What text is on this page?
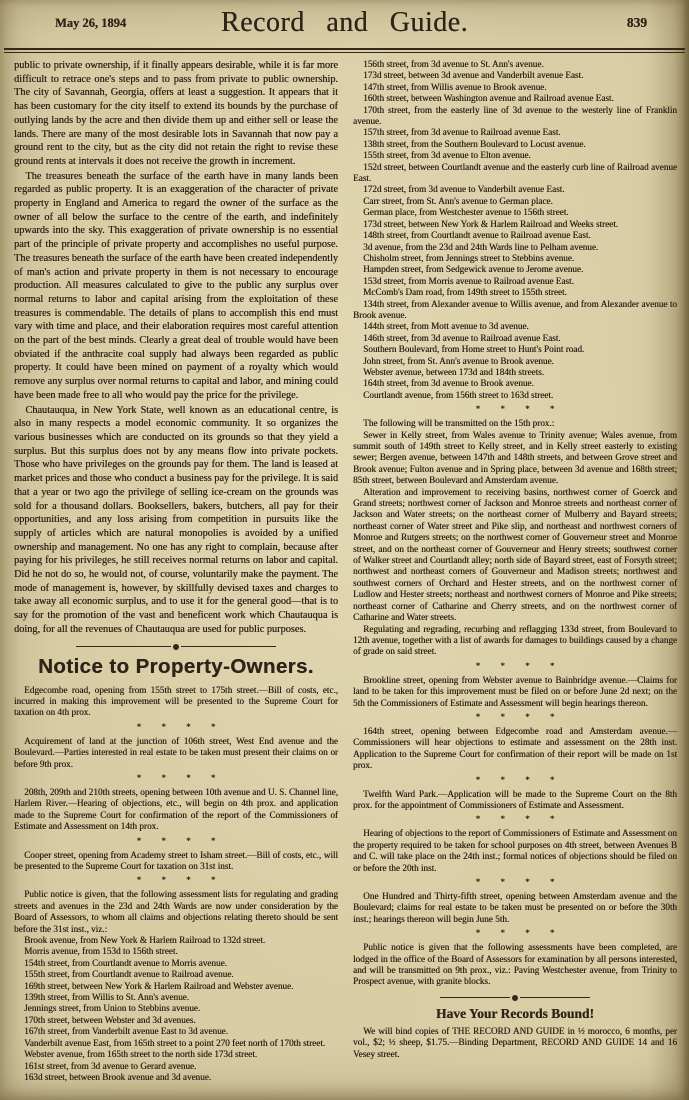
May 26, 1894	Record and Guide.	839

public to private ownership, if it finally appears desirable, while it is far more difficult to retrace one's steps and to pass from private to public ownership. The city of Savannah, Georgia, offers at least a suggestion. It appears that it has been customary for the city itself to extend its bounds by the purchase of outlying lands by the acre and then divide them up and either sell or lease the lands. There are many of the most desirable lots in Savannah that now pay a ground rent to the city, but as the city did not retain the right to revise these ground rents at intervals it does not receive the growth in increment.

The treasures beneath the surface of the earth have in many lands been regarded as public property. It is an exaggeration of the character of private property in England and America to regard the owner of the surface as the owner of all below the surface to the centre of the earth, and indefinitely upwards into the sky. This exaggeration of private ownership is no essential part of the principle of private property and accomplishes no useful purpose. The treasures beneath the surface of the earth have been created independently of man's action and private property in them is not necessary to encourage production. All measures calculated to give to the public any surplus over normal returns to labor and capital arising from the exploitation of these treasures is commendable. The details of plans to accomplish this end must vary with time and place, and their elaboration requires most careful attention on the part of the best minds. Clearly a great deal of trouble would have been obviated if the anthracite coal supply had always been regarded as public property. It could have been mined on payment of a royalty which would remove any surplus over normal returns to capital and labor, and mining could have been made free to all who would pay the price for the privilege.

Chautauqua, in New York State, well known as an educational centre, is also in many respects a model economic community. It so organizes the various businesses which are conducted on its grounds so that they yield a surplus. But this surplus does not by any means flow into private pockets. Those who have privileges on the grounds pay for them. The land is leased at market prices and those who conduct a business pay for the privilege. It is said that a year or two ago the privilege of selling ice-cream on the grounds was sold for a thousand dollars. Booksellers, bakers, butchers, all pay for their opportunities, and any loss arising from competition in pursuits like the supply of articles which are natural monopolies is avoided by a unified ownership and management. No one has any right to complain, because after paying for his privileges, he still receives normal returns on labor and capital. Did he not do so, he would not, of course, voluntarily make the payment. The mode of management is, however, by skillfully devised taxes and charges to take away all economic surplus, and to use it for the general good—that is to say for the promotion of the vast and beneficent work which Chautauqua is doing, for all the revenues of Chautauqua are used for public purposes.

Notice to Property-Owners.

Edgecombe road, opening from 155th street to 175th street.—Bill of costs, etc., incurred in making this improvement will be presented to the Supreme Court for taxation on 4th prox.

* * * *

Acquirement of land at the junction of 106th street, West End avenue and the Boulevard.—Parties interested in real estate to be taken must present their claims on or before 9th prox.

* * * *

208th, 209th and 210th streets, opening between 10th avenue and U. S. Channel line, Harlem River.—Hearing of objections, etc., will begin on 4th prox. and application made to the Supreme Court for confirmation of the report of the Commissioners of Estimate and Assessment on 14th prox.

* * * *

Cooper street, opening from Academy street to Isham street.—Bill of costs, etc., will be presented to the Supreme Court for taxation on 31st inst.

* * * *

Public notice is given, that the following assessment lists for regulating and grading streets and avenues in the 23d and 24th Wards are now under consideration by the Board of Assessors, to whom all claims and objections relating thereto should be sent before the 31st inst., viz.:

Brook avenue, from New York & Harlem Railroad to 132d street.

Morris avenue, from 153d to 156th street.

154th street, from Courtlandt avenue to Morris avenue.

155th street, from Courtlandt avenue to Railroad avenue.

169th street, between New York & Harlem Railroad and Webster avenue.

139th street, from Willis to St. Ann's avenue.

Jennings street, from Union to Stebbins avenue.

170th street, between Webster and 3d avenues.

167th street, from Vanderbilt avenue East to 3d avenue.

Vanderbilt avenue East, from 165th street to a point 270 feet north of 170th street.

Webster avenue, from 165th street to the north side 173d street.

161st street, from 3d avenue to Gerard avenue.

163d street, between Brook avenue and 3d avenue.

156th street, from 3d avenue to St. Ann's avenue.

173d street, between 3d avenue and Vanderbilt avenue East.

147th street, from Willis avenue to Brook avenue.

160th street, between Washington avenue and Railroad avenue East.

170th street, from the easterly line of 3d avenue to the westerly line of Franklin avenue.

157th street, from 3d avenue to Railroad avenue East.

138th street, from the Southern Boulevard to Locust avenue.

155th street, from 3d avenue to Elton avenue.

152d street, between Courtlandt avenue and the easterly curb line of Railroad avenue East.

172d street, from 3d avenue to Vanderbilt avenue East.

Carr street, from St. Ann's avenue to German place.

German place, from Westchester avenue to 156th street.

173d street, between New York & Harlem Railroad and Weeks street.

148th street, from Courtlandt avenue to Railroad avenue East.

3d avenue, from the 23d and 24th Wards line to Pelham avenue.

Chisholm street, from Jennings street to Stebbins avenue.

Hampden street, from Sedgewick avenue to Jerome avenue.

153d street, from Morris avenue to Railroad avenue East.

McComb's Dam road, from 149th street to 155th street.

134th street, from Alexander avenue to Willis avenue, and from Alexander avenue to Brook avenue.

144th street, from Mott avenue to 3d avenue.

146th street, from 3d avenue to Railroad avenue East.

Southern Boulevard, from Home street to Hunt's Point road.

John street, from St. Ann's avenue to Brook avenue.

Webster avenue, between 173d and 184th streets.

164th street, from 3d avenue to Brook avenue.

Courtlandt avenue, from 156th street to 163d street.

* * * *

The following will be transmitted on the 15th prox.:

Sewer in Kelly street, from Wales avenue to Trinity avenue; Wales avenue, from summit south of 149th street to Kelly street, and in Kelly street easterly to existing sewer; Bergen avenue, between 147th and 148th streets, and between Grove street and Brook avenue; Fulton avenue and in Spring place, between 3d avenue and 168th street; 85th street, between Boulevard and Amsterdam avenue.

Alteration and improvement to receiving basins, northwest corner of Goerck and Grand streets; northwest corner of Jackson and Monroe streets and northeast corner of Jackson and Water streets; on the northeast corner of Mulberry and Bayard streets; northeast corner of Water street and Pike slip, and northeast and northwest corners of Monroe and Rutgers streets; on the northwest corner of Gouverneur street and Monroe street, and on the northeast corner of Gouverneur and Henry streets; southwest corner of Walker street and Courtlandt alley; north side of Bayard street, east of Forsyth street; northwest and northeast corners of Gouverneur and Madison streets; northwest and southwest corners of Orchard and Hester streets, and on the northwest corner of Ludlow and Hester streets; northeast and northwest corners of Monroe and Pike streets; northeast corner of Catharine and Cherry streets, and on the northwest corner of Catharine and Water streets.

Regulating and regrading, recurbing and reflagging 133d street, from Boulevard to 12th avenue, together with a list of awards for damages to buildings caused by a change of grade on said street.

* * * *

Brookline street, opening from Webster avenue to Bainbridge avenue.—Claims for land to be taken for this improvement must be filed on or before June 2d next; on the 5th the Commissioners of Estimate and Assessment will begin hearings thereon.

* * * *

164th street, opening between Edgecombe road and Amsterdam avenue.—Commissioners will hear objections to estimate and assessment on the 28th inst. Application to the Supreme Court for confirmation of their report will be made on 1st prox.

* * * *

Twelfth Ward Park.—Application will be made to the Supreme Court on the 8th prox. for the appointment of Commissioners of Estimate and Assessment.

* * * *

Hearing of objections to the report of Commissioners of Estimate and Assessment on the property required to be taken for school purposes on 4th street, between Avenues B and C. will take place on the 24th inst.; formal notices of objections should be filed on or before the 20th inst.

* * * *

One Hundred and Thirty-fifth street, opening between Amsterdam avenue and the Boulevard; claims for real estate to be taken must be presented on or before the 30th inst.; hearings thereon will begin June 5th.

* * * *

Public notice is given that the following assessments have been completed, are lodged in the office of the Board of Assessors for examination by all persons interested, and will be transmitted on 9th prox., viz.: Paving Westchester avenue, from Trinity to Prospect avenue, with granite blocks.

Have Your Records Bound!

We will bind copies of THE RECORD AND GUIDE in ½ morocco, 6 months, per vol., $2; ½ sheep, $1.75.—Binding Department, RECORD AND GUIDE 14 and 16 Vesey street.
